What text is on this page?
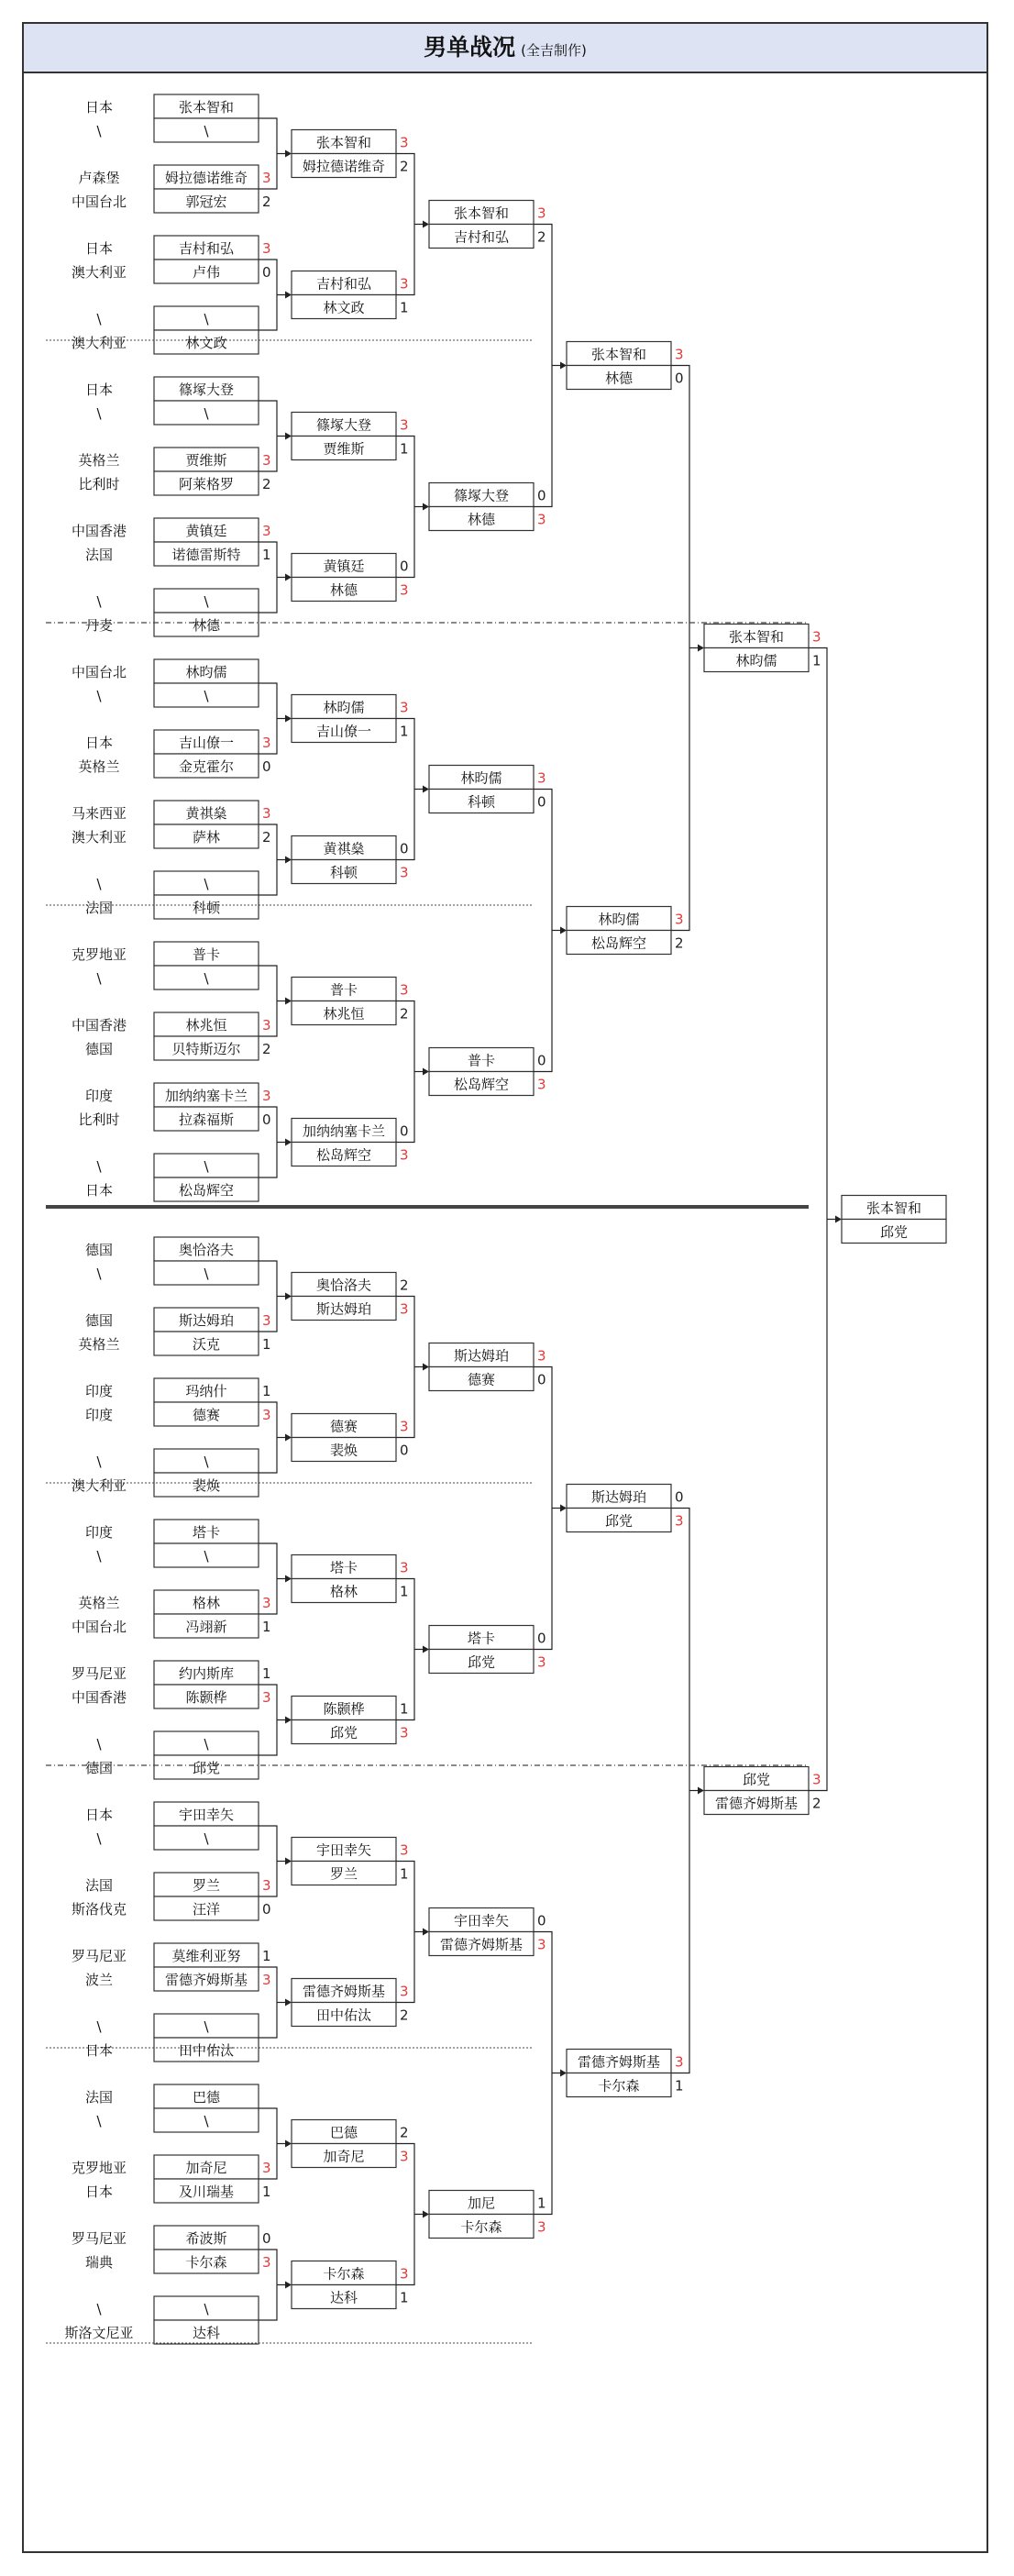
男单战况 (全吉制作)
张本智和
日本
\
\
姆拉德诺维奇 3
卢森堡
郭冠宏	2
中国台北
吉村和弘 3
日本
卢伟	0
澳大利亚
\
\
林文政
澳大利亚
篠塚大登
日本
\
\
贾维斯	3
英格兰
阿莱格罗 2
比利时
黄镇廷	3
中国香港
诺德雷斯特 1
法国
\
\
林德
丹麦
林昀儒
中国台北
\
\
吉山僚一 3
日本
金克霍尔 0
英格兰
黄祺燊	3
马来西亚
萨林	2
澳大利亚
\
\
科顿
法国
普卡
克罗地亚
\
\
林兆恒	3
中国香港
贝特斯迈尔 2
德国
加纳纳塞卡兰 3
印度
拉森福斯 0
比利时
\
\
松岛辉空
日本
奥恰洛夫
德国
\
\
斯达姆珀 3
德国
沃克	1
英格兰
玛纳什	1
印度
德赛	3
印度
\
\
裴焕
澳大利亚
塔卡
印度
\
\
格林	3
英格兰
冯翊新	1
中国台北
约内斯库 1
罗马尼亚
陈颢桦	3
中国香港
\
\
邱党
德国
宇田幸矢
日本
\
\
罗兰	3
法国
汪洋	0
斯洛伐克
莫维利亚努 1
罗马尼亚
雷德齐姆斯基 3
波兰
\
\
田中佑汰
日本
巴德
法国
\
\
加奇尼	3
克罗地亚
及川瑞基 1
日本
希波斯	0
罗马尼亚
卡尔森	3
瑞典
\
\
达科
斯洛文尼亚
张本智和 3
姆拉德诺维奇 2
吉村和弘 3
林文政	1
篠塚大登 3
贾维斯	1
黄镇廷	0
林德	3
林昀儒	3
吉山僚一 1
黄祺燊	0
科顿	3
普卡	3
林兆恒	2
加纳纳塞卡兰 0
松岛辉空 3
奥恰洛夫 2
斯达姆珀 3
德赛	3
裴焕	0
塔卡	3
格林	1
陈颢桦	1
邱党	3
宇田幸矢 3
罗兰	1
雷德齐姆斯基 3
田中佑汰 2
巴德	2
加奇尼	3
卡尔森	3
达科	1
张本智和 3
吉村和弘 2
篠塚大登 0
林德	3
林昀儒	3
科顿	0
普卡	0
松岛辉空 3
斯达姆珀 3
德赛	0
塔卡	0
邱党	3
宇田幸矢 0
雷德齐姆斯基 3
加尼	1
卡尔森	3
张本智和 3
林德	0
林昀儒	3
松岛辉空 2
斯达姆珀 0
邱党	3
雷德齐姆斯基 3
卡尔森	1
张本智和 3
林昀儒	1
邱党	3
雷德齐姆斯基 2
张本智和
邱党
